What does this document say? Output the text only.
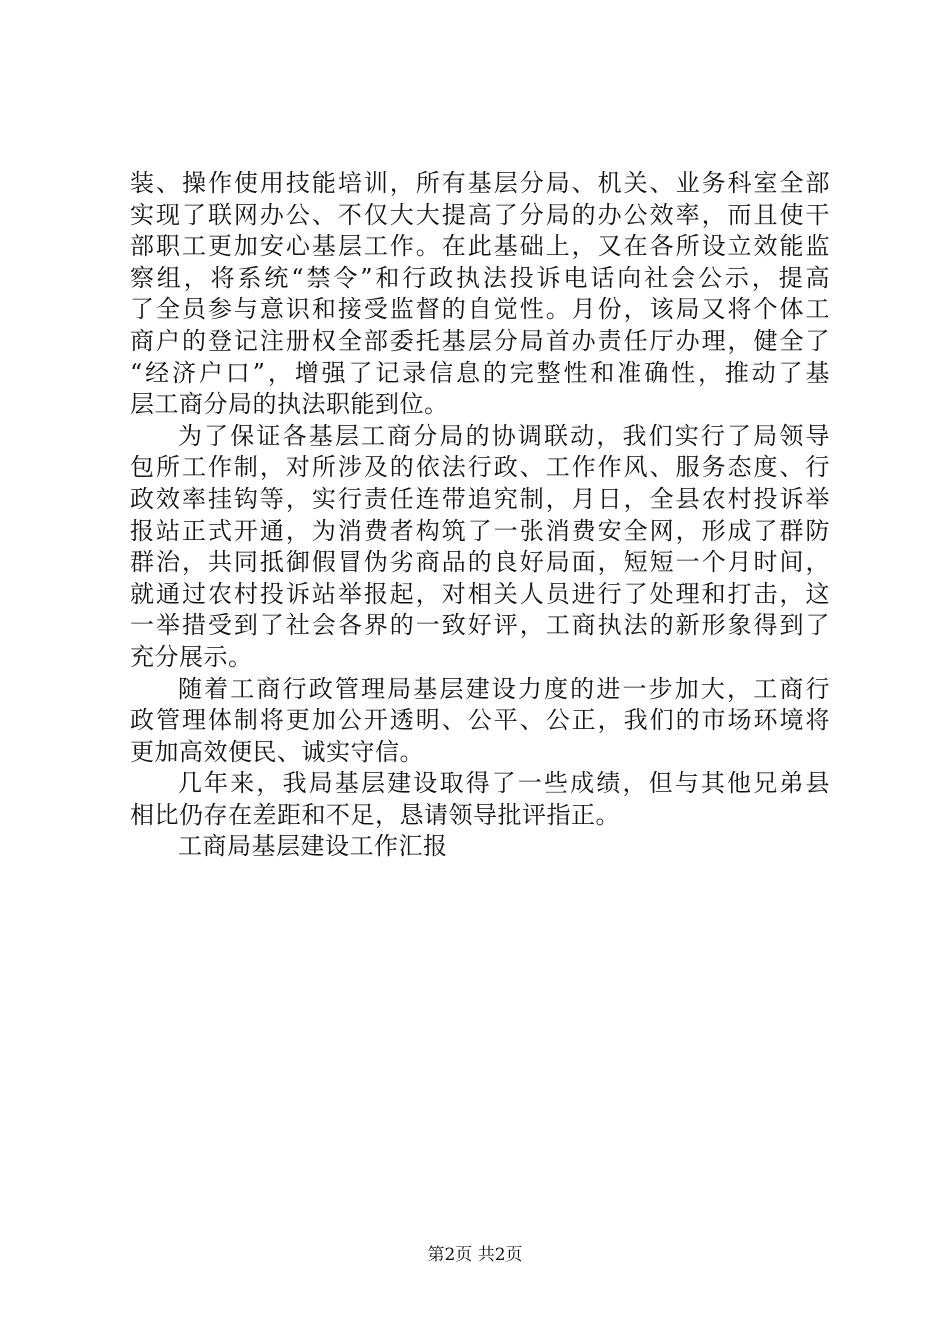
装、操作使用技能培训，所有基层分局、机关、业务科室全部
实现了联网办公、不仅大大提高了分局的办公效率，而且使干
部职工更加安心基层工作。在此基础上，又在各所设立效能监
察组，将系统“禁令”和行政执法投诉电话向社会公示，提高
了全员参与意识和接受监督的自觉性。月份，该局又将个体工
商户的登记注册权全部委托基层分局首办责任厅办理，健全了
“经济户口”，增强了记录信息的完整性和准确性，推动了基
层工商分局的执法职能到位。
为了保证各基层工商分局的协调联动，我们实行了局领导
包所工作制，对所涉及的依法行政、工作作风、服务态度、行
政效率挂钩等，实行责任连带追究制，月日，全县农村投诉举
报站正式开通，为消费者构筑了一张消费安全网，形成了群防
群治，共同抵御假冒伪劣商品的良好局面，短短一个月时间，
就通过农村投诉站举报起，对相关人员进行了处理和打击，这
一举措受到了社会各界的一致好评，工商执法的新形象得到了
充分展示。
随着工商行政管理局基层建设力度的进一步加大，工商行
政管理体制将更加公开透明、公平、公正，我们的市场环境将
更加高效便民、诚实守信。
几年来，我局基层建设取得了一些成绩，但与其他兄弟县
相比仍存在差距和不足，恳请领导批评指正。
工商局基层建设工作汇报
第2页 共2页
